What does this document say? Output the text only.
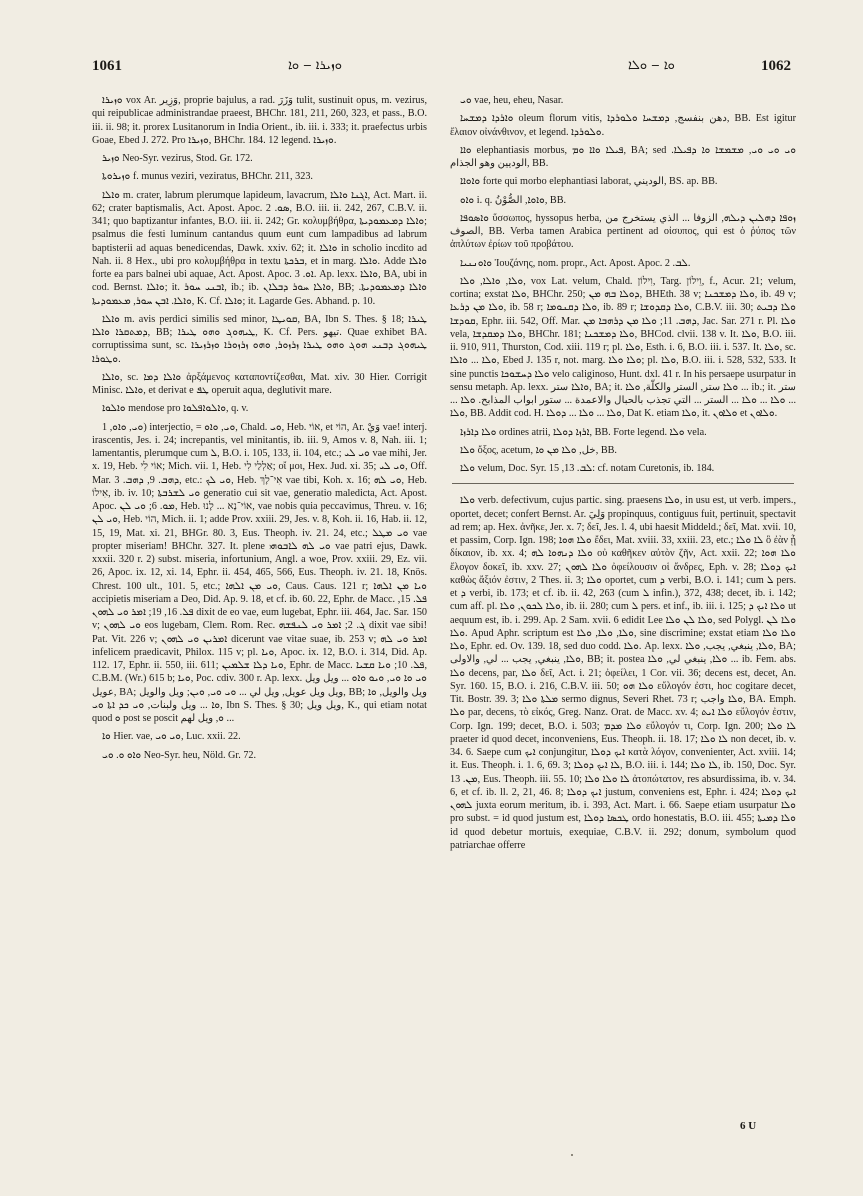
1061	ܘܙܝܪܐ ‒ ܘܐ	ܘܐ ‒ ܘܠܐ	1062

ܘܙܝܪܐ vox Ar. وَزِير, proprie bajulus, a rad. وَزَرَ tulit, sustinuit opus, m. vezirus, qui reipublicae administrandae praeest, BHChr. 181, 211, 260, 323, et pass., B.O. iii. ii. 98; it. prorex Lusitanorum in India Orient., ib. iii. i. 333; it. praefectus urbis Goae, Ebed J. 272. Pro ܘܙܝܪܐ, BHChr. 184. 12 legend. ܘܙܝܪܐ.

ܘܙܝܪ Neo-Syr. vezirus, Stod. Gr. 172.

ܘܙܝܪܘܬܐ f. munus veziri, veziratus, BHChr. 211, 323.

ܘܐܠܐ m. crater, labrum plerumque lapideum, lavacrum, ܐܓܢܐ ܘܐܠܐ, Act. Mart. ii. 62; crater baptismalis, Act. Apost. Apoc. ܣܘ. 2, B.O. iii. ii. 242, 267, C.B.V. ii. 341; quo baptizantur infantes, B.O. iii. ii. 242; Gr. κολυμβήθρα, ܘܐܠܐ ܕܡܥܡܘܕܝܬܐ; psalmus die festi luminum cantandus quum eunt cum lampadibus ad labrum baptisterii ad aquas benedicendas, Dawk. xxiv. 62; it. ܘܐܠܐ in scholio incdito ad Nah. ii. 8 Hex., ubi pro κολυμβήθρα in textu ܒܪܟܬܐ, et in marg. ܘܐܠܐ. Adde ܘܐܠܐ forte ea pars balnei ubi aquae, Act. Apost. Apoc. ܐܘ. 3. Ap. lexx. ܘܐܠܐ, BA, ubi in cod. Bernst. ܘܐܠܐ; it. ܐܒܢܝ ܚܘܪ, ib.; ib. ܘܐܠܐ ܚܘܪ ܕܒܠܐܢ, BB; ܘܐܠܐ ܕܡܥܡܘܕܝܬܐ. ܘܐܠܐ. ܐܒܢ ܚܘܪ, ܡܥܡܘܕܝܬܐ, K. Cf. ܘܐܠܐ; it. Lagarde Ges. Abhand. p. 10.

ܘܐܠܐ m. avis perdici similis sed minor, ܩܘܝܛܐ, BA, Ibn S. Thes. § 18; ܛܝܪܐ ܕܡܬܩܪܐ ܘܐܠܐ, BB; ܛܝܗܘܓ ܘܗܘ ܛܝܪܐ, K. Cf. Pers. تیهو. Quae exhibet BA. corruptissima sunt, sc. ܛܝܗܘܓ ܕܒܢܝ ܗܘܓ ܘܗܘ ܛܝܪܐ ܙܪܙܘܪ, ܘܗܘ ܙܪܙܘܪܐ ܘܙܪܙܝܪܐ ܘܛܘܪܐ.

ܘܐܠܐ, sc. ܘܐܠܐ ܕܡܐ ἀρξάμενος καταποντίζεσθαι, Mat. xiv. 30 Hier. Corrigit Minisc. ܘܐܠܐ, et derivat e ܛܦ operuit aqua, deglutivit mare.

ܘܐܠܘܐ mendose pro ܘܐܠܘܐܦܠܘܐ, q. v.

ܘܝ, ܘܐܘ, 1) interjectio, = ܘܝ, ܘܐܘ, Chald. ܘܝ, Heb. אוֹי, et הוֹי, Ar. وَيْ vae! interj. irascentis, Jes. i. 24; increpantis, vel minitantis, ib. iii. 9, Amos v. 8, Nah. iii. 1; lamentantis, plerumque cum ܠ, B.O. i. 105, 133, ii. 104, etc.; ܘܝ ܠܝ vae mihi, Jer. x. 19, Heb. אוֹי לִי; Mich. vii. 1, Heb. אַלְלַי לִי; οἴ μοι, Hex. Jud. xi. 35; ܘܝ ܠܝ, Off. Mar. ܕܗܒ. 9, ܕܗܒ. 3, etc.: ܘܝ ܠܟ, Heb. אִי־לָךְ vae tibi, Koh. x. 16; ܘܝ ܠܗ, Heb. אִילוֹ, ib. iv. 10; ܘܝ ܠܫܪܒܬܐ generatio cui sit vae, generatio maledicta, Act. Apost. Apoc. ܡܘ. 6; ܘܝ ܠܢ, Heb. אוֹי־נָא ... לָנוּ, vae nobis quia peccavimus, Threu. v. 16; ܘܝ ܠܢ, Heb. הוֹי, Mich. ii. 1; adde Prov. xxiii. 29, Jes. v. 8, Koh. ii. 16, Hab. ii. 12, 15, 19, Mat. xi. 21, BHGr. 80. 3, Eus. Theoph. iv. 21. 24, etc.; ܘܝ ܡܛܠ vae propter miseriam! BHChr. 327. It. plene ܘܝ ܠܗ ܠܐܒܘܗܝ vae patri ejus, Dawk. xxxii. 320 r. 2) subst. miseria, infortunium, Angl. a woe, Prov. xxiii. 29, Ez. vii. 26, Apoc. ix. 12, xi. 14, Ephr. ii. 454, 465, 566, Eus. Theoph. iv. 21. 18, Knös. Chrest. 100 ult., 101. 5, etc.; ܘܝ ܡܢ ܐܠܗܐ, Caus. Caus. 121 r; ܘܝܐ ܡܢ ܐܠܗܐ accipietis miseriam a Deo, Did. Ap. 9. 18, et cf. ib. 60. 22, Ephr. de Macc. ܦܠ. 15, ܦܠ. 16, 19; ܐܡܪ ܘܝ ܠܗܘܢ dixit de eo vae, eum lugebat, Ephr. iii. 464, Jac. Sar. 150 v; ܘܝ ܠܗܘܢ eos lugebam, Clem. Rom. Rec. ܓ. 2; ܐܡܪ ܘܝ ܠܢܦܫܗ dixit vae sibi! Pat. Vit. 226 v; ܐܡܪܝܢ ܘܝ ܠܗܘܢ dicerunt vae vitae suae, ib. 253 v; ܐܡܪ ܘܝ ܠܗ infelicem praedicavit, Philox. 115 v; pl. ܘܝܐ, Apoc. ix. 12, B.O. i. 314, Did. Ap. 112. 17, Ephr. ii. 550, iii. 611; ܘܝܐ ܕܠܐ ܫܠܡܝܢ, Ephr. de Macc. ܦܠ. 10; ܘܝܐ ܩܫܝܐ, C.B.M. (Wr.) 615 b; ܘܝܐ, Poc. cdiv. 300 r. Ap. lexx. ܘܝ ܘܐ ܘܝ, ܘܝܘ ܘܐܘ ... ويل ويل عويل, BA; ويل ويل عويل, ويل لي ... ܘܝ ܘܝ, ܘܝܢ; ويل والويل, BB; ويل والويل, ܘܐ ܘܐ ... ويل ولبنات, ܘܝ ܟܕ ܐܬܐ ܘܝ, Ibn S. Thes. § 30; ويل ويل, K., qui etiam notat quod ܘ post se poscit ܘ, ويل لهم ...

ܘܐ Hier. vae, ܘܝ ܘܝ, Luc. xxii. 22.

ܘܐܘ ܘ. ܘܝ Neo-Syr. heu, Nöld. Gr. 72.

ܘܝ vae, heu, eheu, Nasar.

ܘܐܪܕܐ ܕܡܫܚܐ oleum florum vitis, دهن بنفسج, ܕܡܫܚܐ ܘܠܘܪܕܐ, BB. Est igitur ἔλαιον οἰνάνθινον, et legend. ܘܠܘܪܕܐ.

ܘܐܐ elephantiasis morbus, ܦܝܠܐ ܘܐܐ ܘܡ, BA; sed ܘܝ ܘܝ ܘܝ, ܡܫܡܫܐ ܘܐ ܕܦܝܠܐ. الوديين وهو الجذام, BB.

ܘܐܘܐܐ forte qui morbo elephantiasi laborat, الوديني, BS. ap. BB.

ܘܐܘ i. q. ܘܐܘܐ, الصُّوْنُ, BB.

ܘܐܣܘܦܐ ὕσσωπος, hyssopus herba, ܙܘܦܐ ܕܗܠܝܢ ܕܝܠܗ, الزوفا ... الذي يستخرج من الصوف, BB. Verba tamen Arabica pertinent ad οἰσυπος, qui est ὁ ῥύπος τῶν ἀπλύτων ἐρίων τοῦ προβάτου.

ܘܐܘܢܢܝܐ Ἰουζάνης, nom. propr., Act. Apost. Apoc. ܠܒ. 2.

ܘܠܐ, ܘܐܠܐ, ܘܠܐ, vox Lat. velum, Chald. וִילוֹן, Targ. וֵילוֹן, f., Acur. 21; velum, cortina; exstat ܘܠܐ, BHChr. 250; ܕܘܠܐ ܒܗ ܡܢ, BHEth. 38 v; ܘܠܐ ܕܡܫܟܢܐ, ib. 49 v; ܘܠܐ ܡܢ ܕܪܥܐ, ib. 58 r; ܘܠܐ ܕܩܢܘܡܐ, ib. 89 r; ܘܠܐ ܕܩܕܘܫܐ, C.B.V. iii. 30; ܘܠܐ ܕܒܝܬ ܩܘܕܫܐ, Ephr. iii. 542, Off. Mar. ܕܗܒ. 11; ܘܠܐ ܡܢ ܕܪܗܒܐ ܡܢ, Jac. Sar. 271 r. Pl. ܘܠܐ vela, ܘܠܐ ܕܡܩܕܫܐ, BHChr. 181; ܘܠܐ ܕܡܫܟܢܐ, BHCod. clvii. 138 v. It. ܘܠܐ, B.O. iii. ii. 910, 911, Thurston, Cod. xiii. 119 r; pl. ܘܠܐ, Esth. i. 6, B.O. iii. i. 537. It. ܘܠܐ, sc. ܘܠܐ ... ܘܐܠܐ, Ebed J. 135 r, not. marg. ܘܠܐ ܘܠܐ; pl. ܘܠܐ, B.O. iii. i. 528, 532, 533. It sine punctis ܘܠܐ ܕܚܫܘܟܐ velo caliginoso, Hunt. dxl. 41 r. In his persaepe usurpatur in sensu metaph. Ap. lexx. ܘܐܠܐ ستر, BA; it. ܘܠܐ ستر, الستر والكلّة, ܘܠܐ ... ib.; it. ستر ... ܘܠܐ ... ܘܠܐ ... الستر ... التي تجذب بالحبال والاعمدة ... ستور ابواب المذابح. ܘܠܐ ... ܘܠܐ, BB. Addit cod. H. ܘܠܐ ... ܘܠܐ ... ܕܘܠܐ, Dat K. etiam ܘܠܐ, it. ܘܠܐܘܢ et ܘܠܐܘܢ.

ܘܠܐ ܕܐܪܙܐ ordines atrii, ܐܪܙܐ ܕܘܠܐ, BB. Forte legend. ܘܠܐ vela.

ܘܠܐ ὄξος, acetum, خل, ܘܠܐ ܡܢ ܘܐ, BB.

ܘܠܐ velum, Doc. Syr. ܠܒ. 13, 15: cf. notam Curetonis, ib. 184.

ܘܠܐ verb. defectivum, cujus partic. sing. praesens ܘܠܐ, in usu est, ut verb. impers., oportet, decet; confert Bernst. Ar. وَلِيَ propinquus, contiguus fuit, pertinuit, spectavit ad rem; ap. Hex. ἀνῆκε, Jer. x. 7; δεῖ, Jes. l. 4, ubi haesit Middeld.; δεῖ, Mat. xvii. 10, et passim, Corp. Ign. 198; ܘܠܐ ܗܘܐ ἔδει, Mat. xviii. 33, xxiii. 23, etc.; ܠܐ ܘܠܐ ὃ ἐὰν ᾖ δίκαιον, ib. xx. 4; ܘܠܐ ܕܢܗܘܐ ܠܗ οὐ καθῆκεν αὐτὸν ζῆν, Act. xxii. 22; ܘܠܐ ܗܘܐ ἔλογον δοκεῖ, ib. xxv. 27; ܘܠܐ ܠܗܘܢ ὀφείλουσιν οἱ ἄνδρες, Eph. v. 28; ܐܝܟ ܕܘܠܐ καθὼς ἄξιόν ἐστιν, 2 Thes. ii. 3; ܘܠܐ oportet, cum ܕ verbi, B.O. i. 141; cum ܠ pers. et ܕ verbi, ib. 173; et cf. ib. ii. 42, 263 (cum ܠ infin.), 372, 438; decet, ib. i. 142; cum aff. pl. ܘܠܐ ܠܟܘܢ, ܘܠܐ, ib. ii. 280; cum ܠ pers. et inf., ib. iii. i. 125; ܘܠܐ ܐܝܟ ܕ ut aequum est, ib. i. 299. Ap. 2 Sam. xvii. 6 edidit Lee ܘܠܐ ܠܢ ܘܠܐ, sed Polygl. ܘܠܐ ܠܢ ܘܠܐ. Apud Aphr. scriptum est ܘܠܐ, ܘܠܐ, ܘܠܐ, sine discrimine; exstat etiam ܘܠܐ ܘܠܐ ܘܠܐ, Ephr. ed. Ov. 139. 18, sed duo codd. ܘܠܐ. Ap. lexx. ܘܠܐ, ينبغي, يجب, ܘܠܐ, BA; ܘܠܐ, ينبغي, يجب ... لي, والاولى, BB; it. postea ܘܠܐ, ينبغي لي, ܘܠܐ ... ib. Fem. abs. ܘܠܐ decens, par, ܘܠܐ δεῖ, Act. i. 21; ὀφείλει, 1 Cor. vii. 36; decens est, decet, An. Syr. 160. 15, B.O. i. 216, C.B.V. iii. 50; ܘܠܐ ܗܘ εὔλογόν ἐστι, hoc cogitare decet, Tit. Bostr. 39. 3; ܡܠܬܐ ܘܠܐ sermo dignus, Severi Rhet. 73 r; ܘܠܐ واجب, BA. Emph. ܘܠܐ par, decens, τὸ εἰκός, Greg. Nanz. Orat. de Macc. xv. 4; ܘܠܐ ܐܝܬ εὔλογόν ἐστιν, Corp. Ign. 199; decet, B.O. i. 503; ܘܠܐ ܡܕܡ εὔλογόν τι, Corp. Ign. 200; ܠܐ ܘܠܐ praeter id quod decet, inconveniens, Eus. Theoph. ii. 18. 17; ܠܐ ܘܠܐ non decet, ib. v. 34. 6. Saepe cum ܐܝܟ conjungitur, ܐܝܟ ܕܘܠܐ κατὰ λόγον, convenienter, Act. xviii. 14; it. Eus. Theoph. i. 1. 6, 69. 3; ܠܐ ܐܝܟ ܕܘܠܐ, B.O. iii. i. 144; ܠܐ ܘܠܐ, ib. 150, Doc. Syr. ܡܢ. 13, Eus. Theoph. iii. 55. 10; ܠܐ ܘܠܐ ܘܠܐ ἀτοπώτατον, res absurdissima, ib. v. 34. 6, et cf. ib. ll. 2, 21, 46. 8; ܐܝܟ ܕܘܠܐ justum, conveniens est, Ephr. i. 424; ܐܝܟ ܕܘܠܐ ܠܗܘܢ juxta eorum meritum, ib. i. 393, Act. Mart. i. 66. Saepe etiam usurpatur ܘܠܐ pro subst. = id quod justum est, ܛܟܣܐ ܕܘܠܐ ordo honestatis, B.O. iii. 455; ܘܠܐ ܕܡܝܬܐ id quod debetur mortuis, exequiae, C.B.V. ii. 292; donum, symbolum quod patriarchae offerre

6 U
